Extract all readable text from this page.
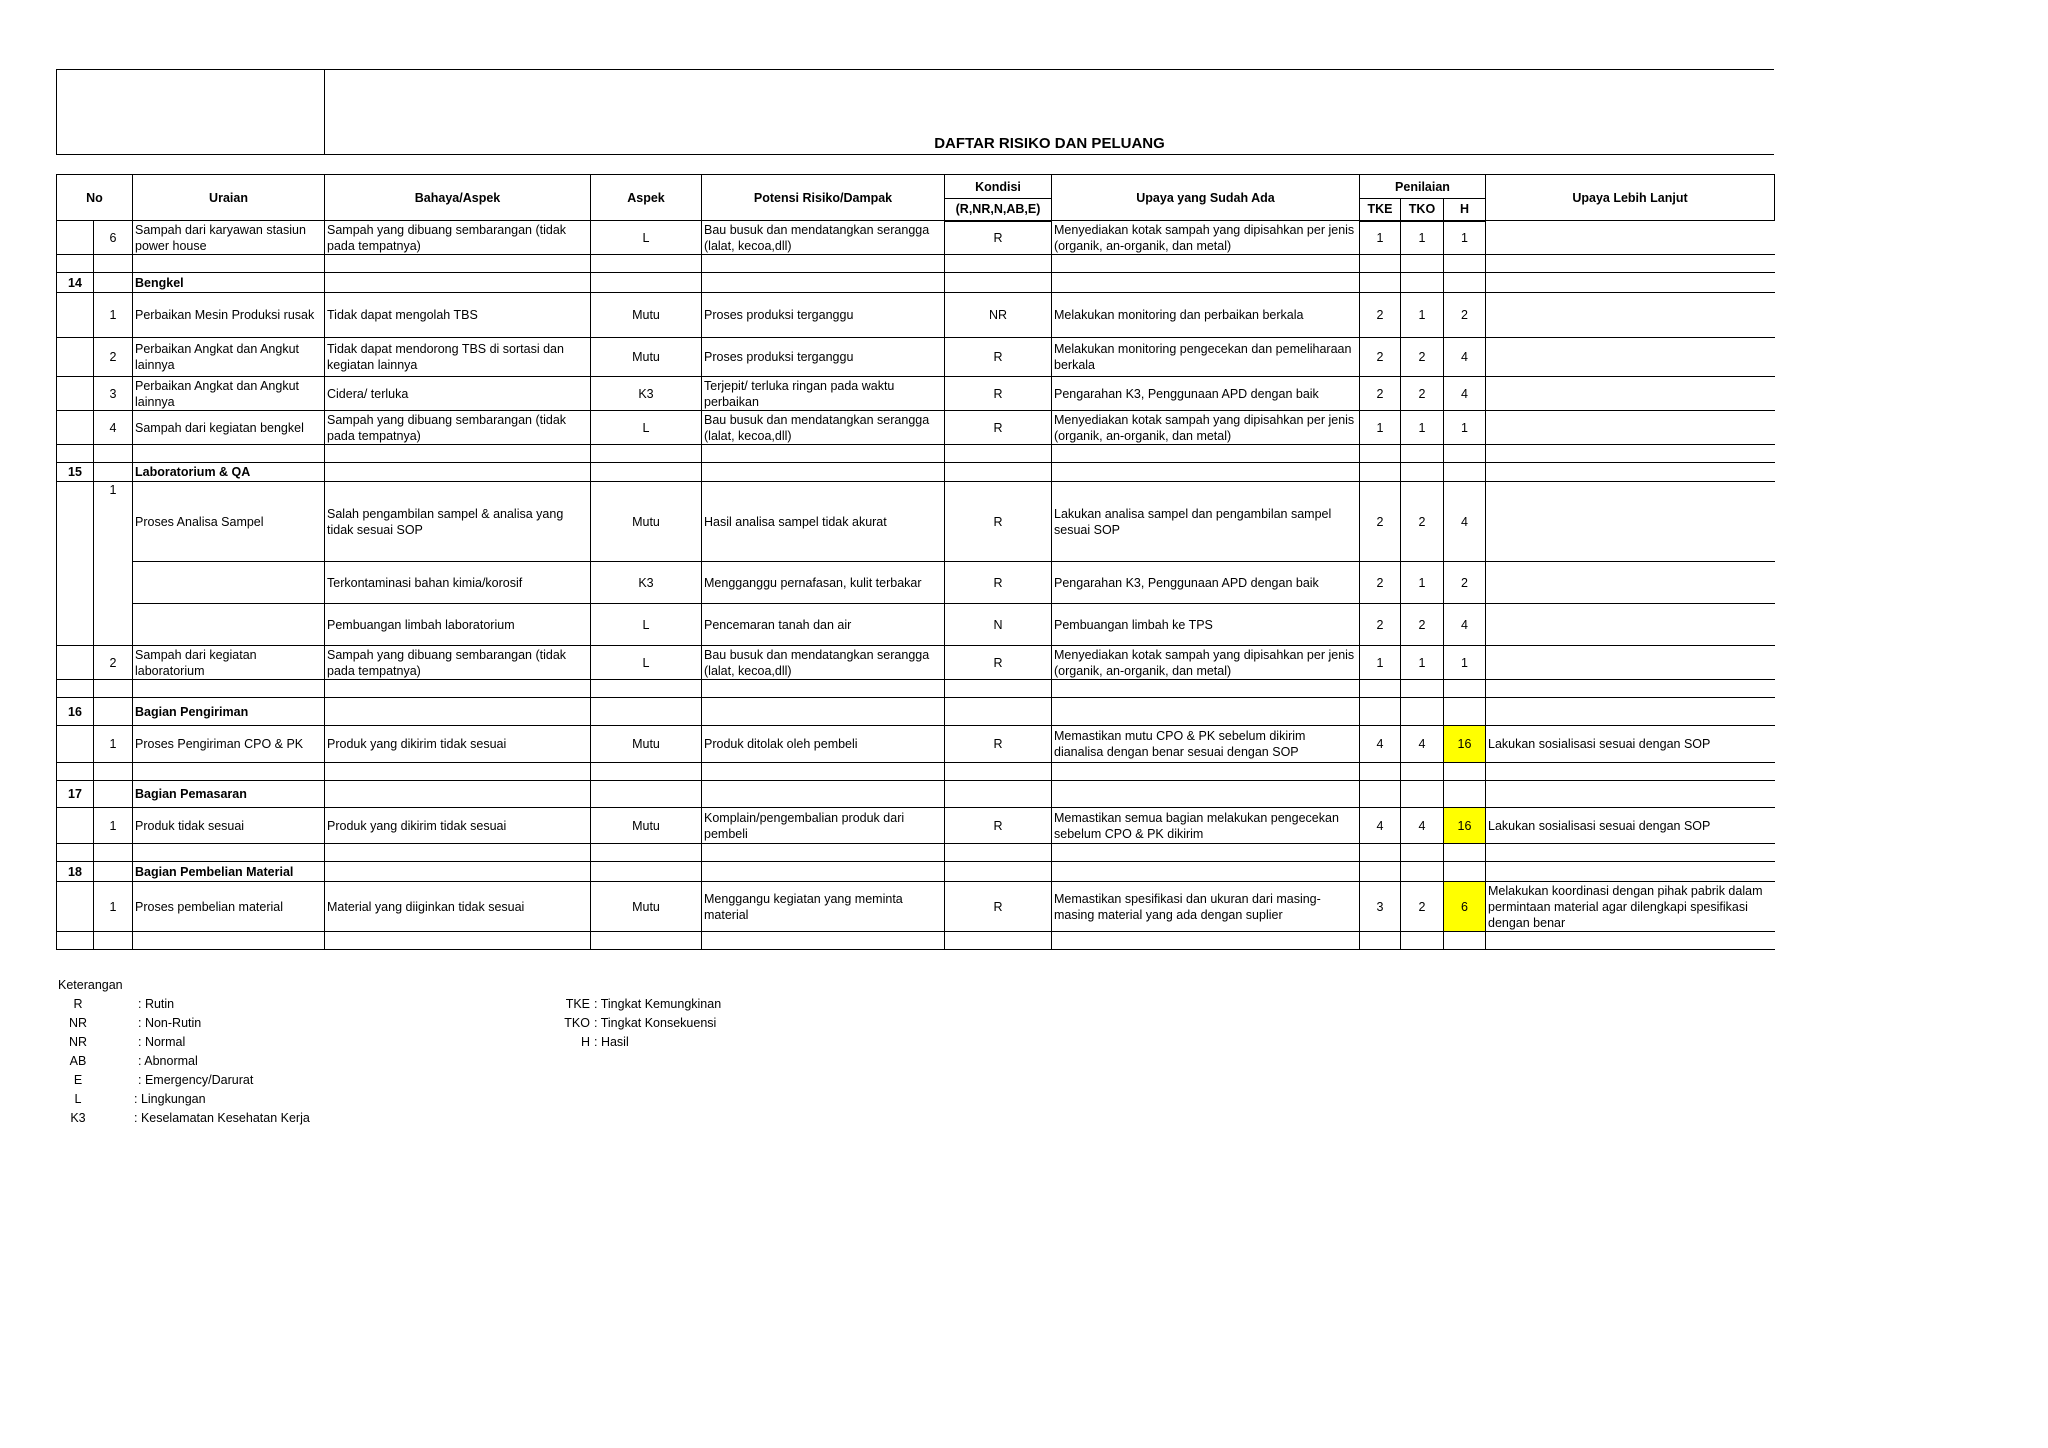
DAFTAR RISIKO DAN PELUANG
No		Uraian	Bahaya/Aspek	Aspek	Potensi Risiko/Dampak	Kondisi	Upaya yang Sudah Ada	Penilaian			Upaya Lebih Lanjut
						(R,NR,N,AB,E)		TKE	TKO	H	
	6	Sampah dari karyawan stasiun power house	Sampah yang dibuang sembarangan (tidak pada tempatnya)	L	Bau busuk dan mendatangkan serangga (lalat, kecoa,dll)	R	Menyediakan kotak sampah yang dipisahkan per jenis (organik, an-organik, dan metal)	1	1	1	

14		Bengkel									
	1	Perbaikan Mesin Produksi rusak	Tidak dapat mengolah TBS	Mutu	Proses produksi terganggu	NR	Melakukan monitoring dan perbaikan berkala	2	1	2	
	2	Perbaikan Angkat dan Angkut lainnya	Tidak dapat mendorong TBS di sortasi dan kegiatan lainnya	Mutu	Proses produksi terganggu	R	Melakukan monitoring pengecekan dan pemeliharaan berkala	2	2	4	
	3	Perbaikan Angkat dan Angkut lainnya	Cidera/ terluka	K3	Terjepit/ terluka ringan pada waktu perbaikan	R	Pengarahan K3, Penggunaan APD dengan baik	2	2	4	
	4	Sampah dari kegiatan bengkel	Sampah yang dibuang sembarangan (tidak pada tempatnya)	L	Bau busuk dan mendatangkan serangga (lalat, kecoa,dll)	R	Menyediakan kotak sampah yang dipisahkan per jenis (organik, an-organik, dan metal)	1	1	1	

15		Laboratorium & QA									
	1	Proses Analisa Sampel	Salah pengambilan sampel & analisa yang tidak sesuai SOP	Mutu	Hasil analisa sampel tidak akurat	R	Lakukan analisa sampel dan pengambilan sampel sesuai SOP	2	2	4	
			Terkontaminasi bahan kimia/korosif	K3	Mengganggu pernafasan, kulit terbakar	R	Pengarahan K3, Penggunaan APD dengan baik	2	1	2	
			Pembuangan limbah laboratorium	L	Pencemaran tanah dan air	N	Pembuangan limbah ke TPS	2	2	4	
	2	Sampah dari kegiatan laboratorium	Sampah yang dibuang sembarangan (tidak pada tempatnya)	L	Bau busuk dan mendatangkan serangga (lalat, kecoa,dll)	R	Menyediakan kotak sampah yang dipisahkan per jenis (organik, an-organik, dan metal)	1	1	1	

16		Bagian Pengiriman									
	1	Proses Pengiriman CPO & PK	Produk yang dikirim tidak sesuai	Mutu	Produk ditolak oleh pembeli	R	Memastikan mutu CPO & PK sebelum dikirim dianalisa dengan benar sesuai dengan SOP	4	4	16	Lakukan sosialisasi sesuai dengan SOP

17		Bagian Pemasaran									
	1	Produk tidak sesuai	Produk yang dikirim tidak sesuai	Mutu	Komplain/pengembalian produk dari pembeli	R	Memastikan semua bagian melakukan pengecekan sebelum CPO & PK dikirim	4	4	16	Lakukan sosialisasi sesuai dengan SOP

18		Bagian Pembelian Material									
	1	Proses pembelian material	Material yang diiginkan tidak sesuai	Mutu	Menggangu kegiatan yang meminta material	R	Memastikan spesifikasi dan ukuran dari masing-masing material yang ada dengan suplier	3	2	6	Melakukan koordinasi dengan pihak pabrik dalam permintaan material agar dilengkapi spesifikasi dengan benar

Keterangan
R	: Rutin
NR	: Non-Rutin
NR	: Normal
AB	: Abnormal
E	: Emergency/Darurat
L	: Lingkungan
K3	: Keselamatan Kesehatan Kerja
TKE : Tingkat Kemungkinan
TKO : Tingkat Konsekuensi
H : Hasil
